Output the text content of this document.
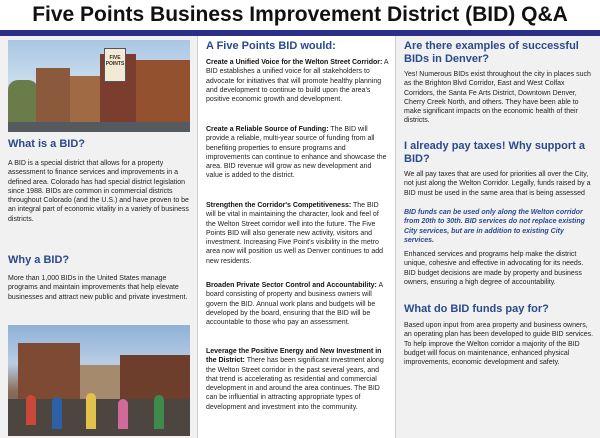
Five Points Business Improvement District (BID) Q&A
FIVE POINTS
What is a BID?
A BID is a special district that allows for a property assessment to finance services and improvements in a defined area. Colorado has had special district legislation since 1988. BIDs are common in commercial districts throughout Colorado (and the U.S.) and have proven to be an integral part of economic vitality in a variety of business districts.
Why a BID?
More than 1,000 BIDs in the United States manage programs and maintain improvements that help elevate businesses and attract new public and private investment.
A Five Points BID would:
Create a Unified Voice for the Welton Street Corridor: A BID establishes a unified voice for all stakeholders to advocate for initiatives that will promote healthy planning and development to continue to build upon the area's positive economic growth and development.
Create a Reliable Source of Funding: The BID will provide a reliable, multi-year source of funding from all benefiting properties to ensure programs and improvements can continue to enhance and showcase the area. BID revenue will grow as new development and value is added to the district.
Strengthen the Corridor's Competitiveness: The BID will be vital in maintaining the character, look and feel of the Welton Street corridor well into the future. The Five Points BID will also generate new activity, visitors and investment. Increasing Five Point's visibility in the metro area now will position us well as Denver continues to add new residents.
Broaden Private Sector Control and Accountability: A board consisting of property and business owners will govern the BID. Annual work plans and budgets will be developed by the board, ensuring that the BID will be accountable to those who pay an assessment.
Leverage the Positive Energy and New Investment in the District: There has been significant investment along the Welton Street corridor in the past several years, and that trend is accelerating as residential and commercial development in and around the area continues. The BID can be influential in attracting appropriate types of development and investment into the community.
Are there examples of successful BIDs in Denver?
Yes! Numerous BIDs exist throughout the city in places such as the Brighton Blvd Corridor, East and West Colfax Corridors, the Santa Fe Arts District, Downtown Denver, Cherry Creek North, and others. They have been able to make significant impacts on the economic health of their districts.
I already pay taxes! Why support a BID?
We all pay taxes that are used for priorities all over the City, not just along the Welton Corridor. Legally, funds raised by a BID must be used in the same area that is being assessed
BID funds can be used only along the Welton corridor from 20th to 30th. BID services do not replace existing City services, but are in addition to existing City services.
Enhanced services and programs help make the district unique, cohesive and effective in advocating for its needs. BID budget decisions are made by property and business owners, ensuring a high degree of accountability.
What do BID funds pay for?
Based upon input from area property and business owners, an operating plan has been developed to guide BID services. To help improve the Welton corridor a majority of the BID budget will focus on maintenance, enhanced physical improvements, economic development and safety.
